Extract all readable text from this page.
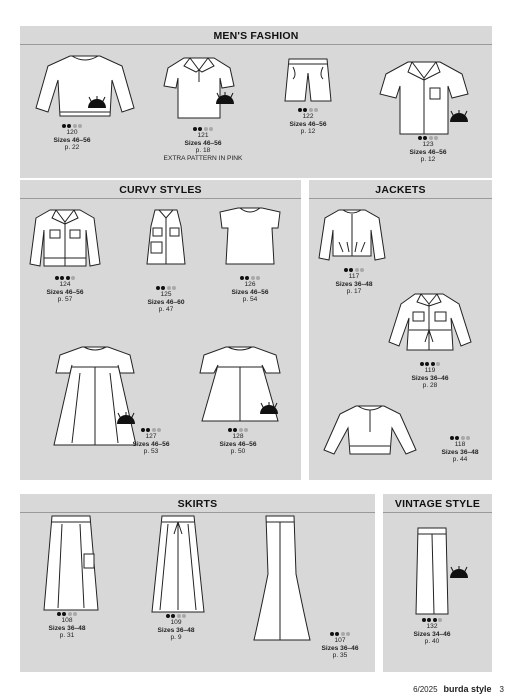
MEN'S FASHION
CURVY STYLES	JACKETS
SKIRTS	VINTAGE STYLE
120
Sizes 46–56
p. 22
121
Sizes 46–56
p. 18
EXTRA PATTERN IN PINK
122
Sizes 46–56
p. 12
123
Sizes 46–56
p. 12
124
Sizes 46–56
p. 57
125
Sizes 46–60
p. 47
126
Sizes 46–56
p. 54
117
Sizes 36–48
p. 17
119
Sizes 36–46
p. 28
127
Sizes 46–56
p. 53
128
Sizes 46–56
p. 50
118
Sizes 36–48
p. 44
108
Sizes 36–48
p. 31
109
Sizes 36–48
p. 9	107
Sizes 36–46
p. 35
132
Sizes 34–46
p. 40
6/2025 burda style 3
